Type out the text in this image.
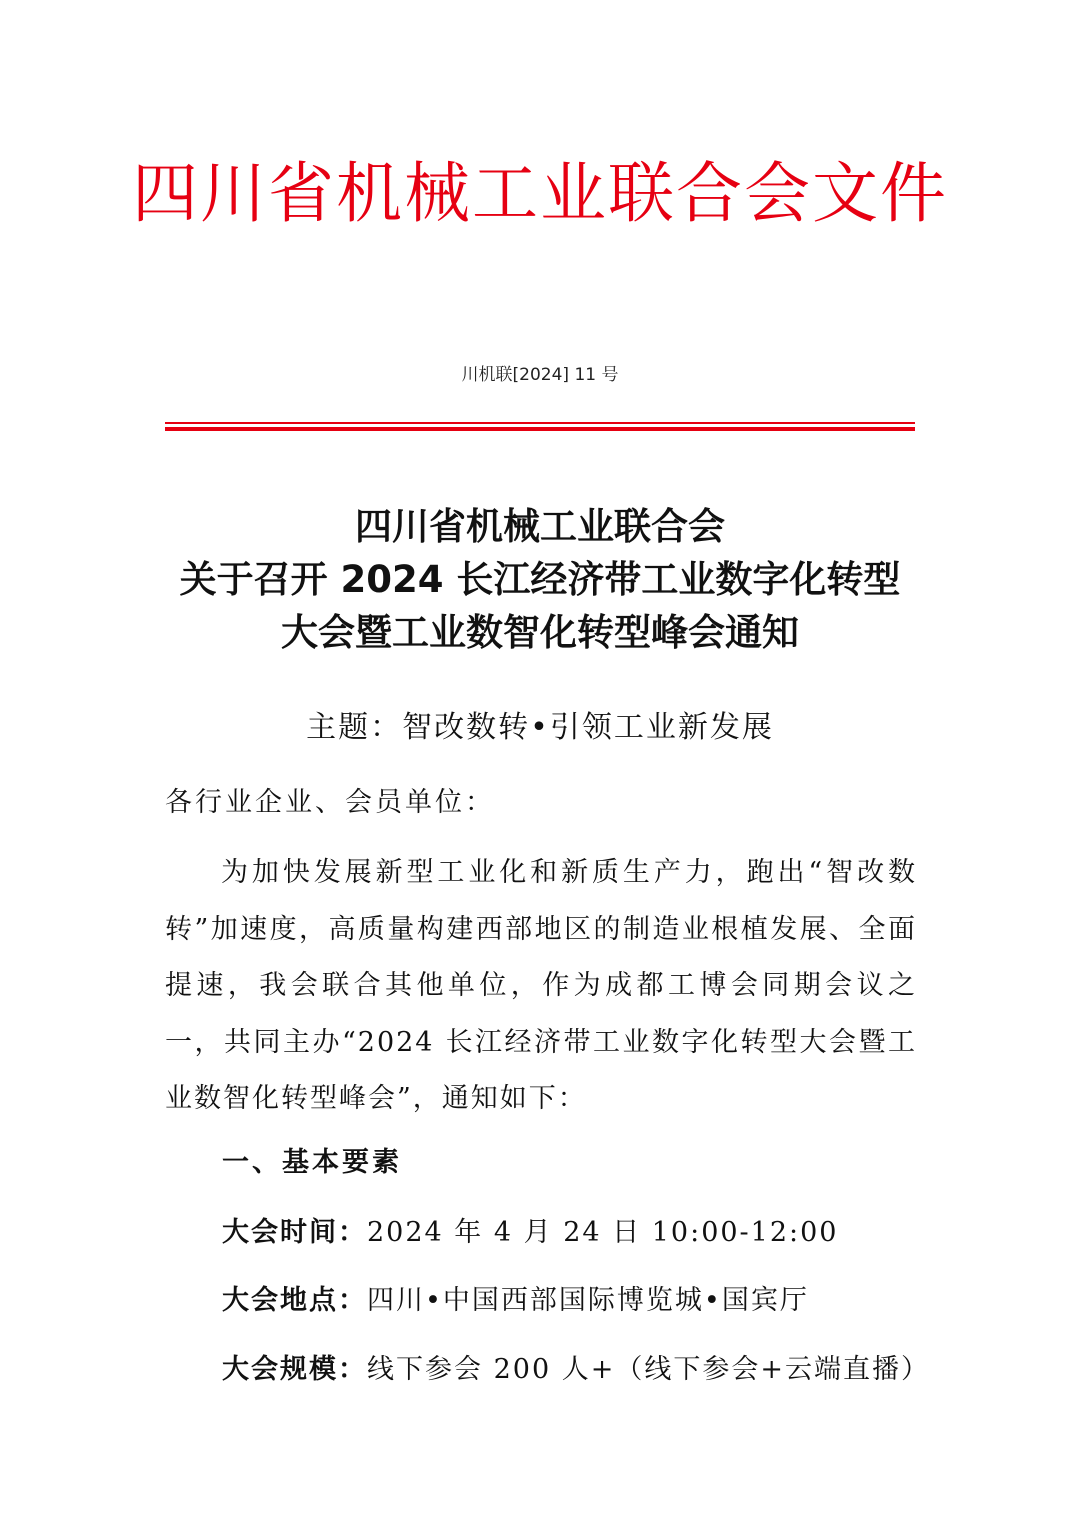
四川省机械工业联合会文件
川机联[2024] 11 号
四川省机械工业联合会
关于召开 2024 长江经济带工业数字化转型
大会暨工业数智化转型峰会通知
主题：智改数转•引领工业新发展
各行业企业、会员单位：
为加快发展新型工业化和新质生产力，跑出“智改数转”加速度，高质量构建西部地区的制造业根植发展、全面提速，我会联合其他单位，作为成都工博会同期会议之一，共同主办“2024 长江经济带工业数字化转型大会暨工业数智化转型峰会”，通知如下：
一、基本要素
大会时间：2024 年 4 月 24 日 10:00-12:00
大会地点：四川•中国西部国际博览城•国宾厅
大会规模：线下参会 200 人+（线下参会+云端直播）
